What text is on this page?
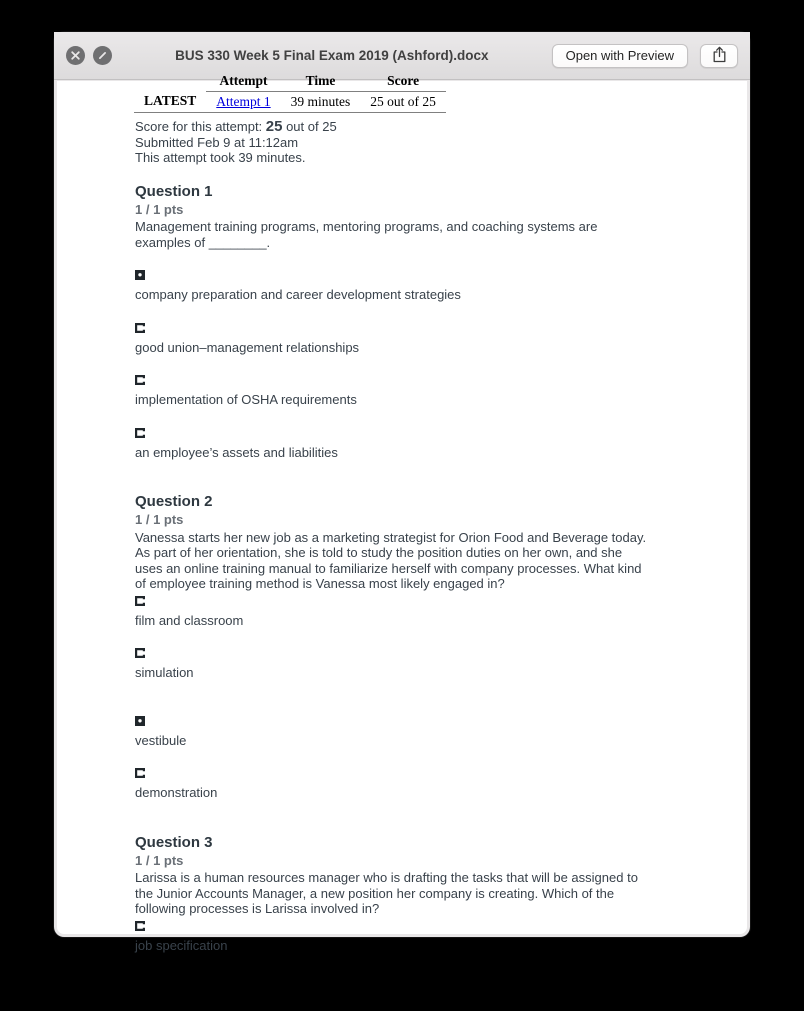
BUS 330 Week 5 Final Exam 2019 (Ashford).docx	Open with Preview
	Attempt	Time	Score
LATEST	Attempt 1	39 minutes	25 out of 25

Score for this attempt: 25 out of 25

Submitted Feb 9 at 11:12am

This attempt took 39 minutes.

Question 1
1 / 1 pts
Management training programs, mentoring programs, and coaching systems are examples of ________.
company preparation and career development strategies
good union–management relationships
implementation of OSHA requirements
an employee’s assets and liabilities
Question 2
1 / 1 pts
Vanessa starts her new job as a marketing strategist for Orion Food and Beverage today. As part of her orientation, she is told to study the position duties on her own, and she uses an online training manual to familiarize herself with company processes. What kind of employee training method is Vanessa most likely engaged in?
film and classroom
simulation
vestibule
demonstration
Question 3
1 / 1 pts
Larissa is a human resources manager who is drafting the tasks that will be assigned to the Junior Accounts Manager, a new position her company is creating. Which of the following processes is Larissa involved in?
job specification
